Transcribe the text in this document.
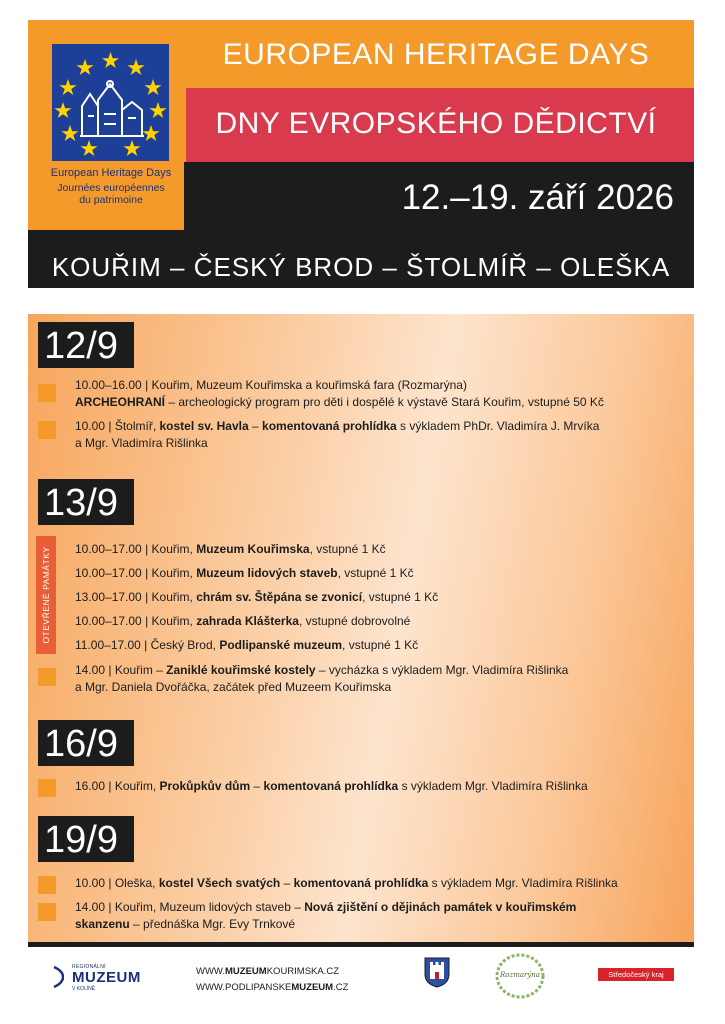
European Heritage Days
Journées européennes
du patrimoine
EUROPEAN HERITAGE DAYS
DNY EVROPSKÉHO DĚDICTVÍ
12.–19. září 2026
KOUŘIM – ČESKÝ BROD – ŠTOLMÍŘ – OLEŠKA
12/9
10.00–16.00 | Kouřim, Muzeum Kouřimska a kouřimská fara (Rozmarýna)
ARCHEOHRANÍ – archeologický program pro děti i dospělé k výstavě Stará Kouřim, vstupné 50 Kč
10.00 | Štolmíř, kostel sv. Havla – komentovaná prohlídka s výkladem PhDr. Vladimíra J. Mrvíka
a Mgr. Vladimíra Rišlinka
13/9
OTEVŘENÉ PAMÁTKY 10.00–17.00 | Kouřim, Muzeum Kouřimska, vstupné 1 Kč
10.00–17.00 | Kouřim, Muzeum lidových staveb, vstupné 1 Kč
13.00–17.00 | Kouřim, chrám sv. Štěpána se zvonicí, vstupné 1 Kč
10.00–17.00 | Kouřim, zahrada Klášterka, vstupné dobrovolné
11.00–17.00 | Český Brod, Podlipanské muzeum, vstupné 1 Kč
14.00 | Kouřim – Zaniklé kouřimské kostely – vycházka s výkladem Mgr. Vladimíra Rišlinka
a Mgr. Daniela Dvořáčka, začátek před Muzeem Kouřimska
16/9
16.00 | Kouřim, Prokůpkův dům – komentovaná prohlídka s výkladem Mgr. Vladimíra Rišlinka
19/9
10.00 | Oleška, kostel Všech svatých – komentovaná prohlídka s výkladem Mgr. Vladimíra Rišlinka
14.00 | Kouřim, Muzeum lidových staveb – Nová zjištění o dějinách památek v kouřimském
skanzenu – přednáška Mgr. Evy Trnkové
REGIONÁLNÍ
MUZEUM
V KOLÍNĚ
WWW.MUZEUMKOURIMSKA.CZ
WWW.PODLIPANSKEMUZEUM.CZ
Rozmarýna	Středočeský kraj
